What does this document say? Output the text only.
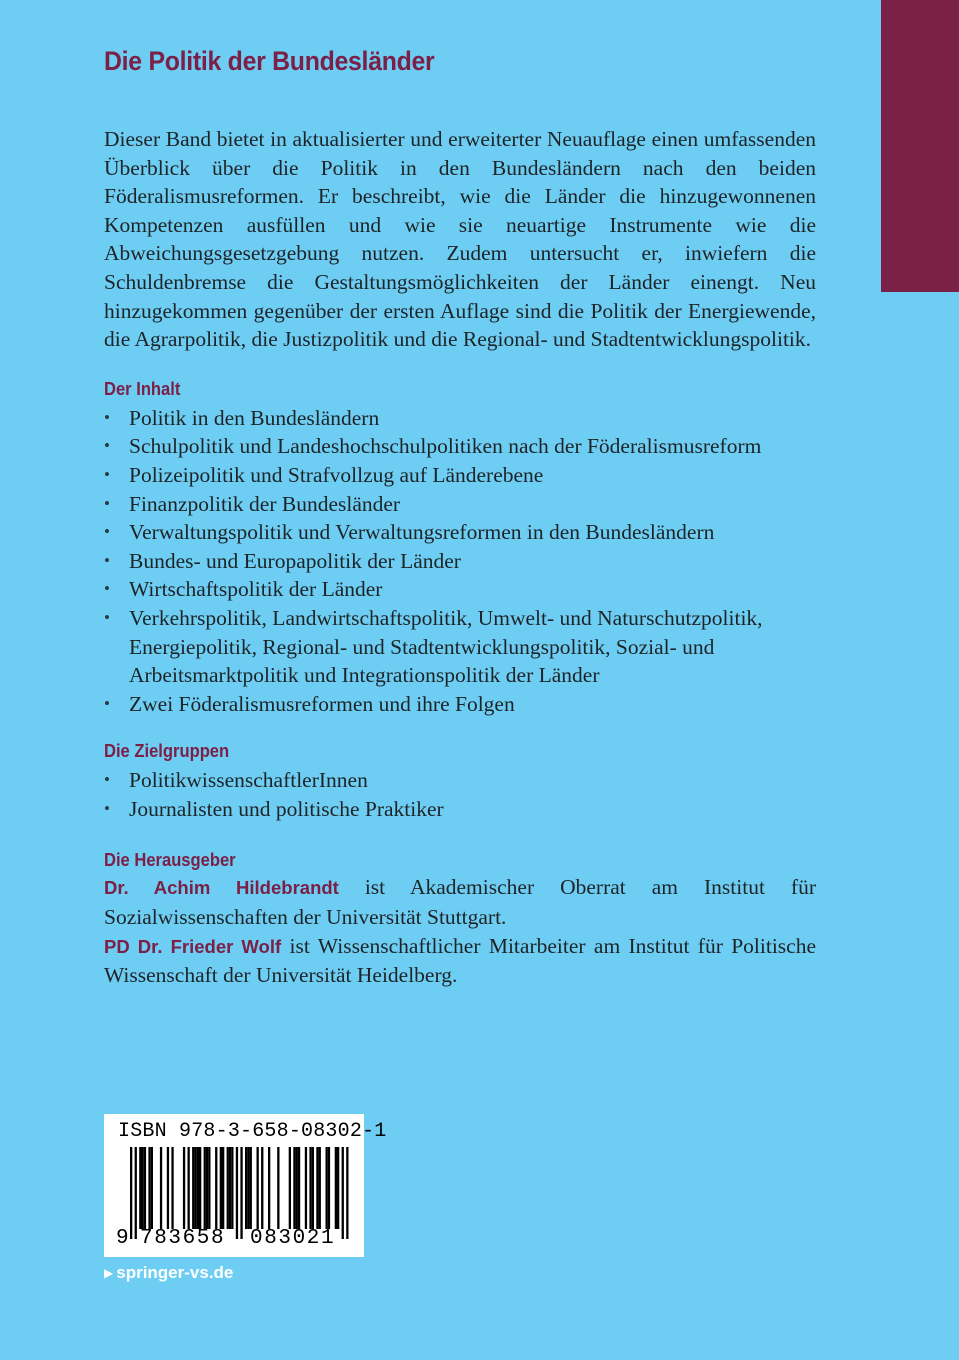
Die Politik der Bundesländer

Dieser Band bietet in aktualisierter und erweiterter Neuauflage einen umfassenden Überblick über die Politik in den Bundesländern nach den beiden Föderalismusreformen. Er beschreibt, wie die Länder die hinzugewonnenen Kompetenzen ausfüllen und wie sie neuartige Instrumente wie die Abweichungsgesetzgebung nutzen. Zudem untersucht er, inwiefern die Schuldenbremse die Gestaltungsmöglichkeiten der Länder einengt. Neu hinzugekommen gegenüber der ersten Auflage sind die Politik der Energiewende, die Agrarpolitik, die Justizpolitik und die Regional- und Stadtentwicklungspolitik.

Der Inhalt
• Politik in den Bundesländern
• Schulpolitik und Landeshochschulpolitiken nach der Föderalismusreform
• Polizeipolitik und Strafvollzug auf Länderebene
• Finanzpolitik der Bundesländer
• Verwaltungspolitik und Verwaltungsreformen in den Bundesländern
• Bundes- und Europapolitik der Länder
• Wirtschaftspolitik der Länder
• Verkehrspolitik, Landwirtschaftspolitik, Umwelt- und Naturschutzpolitik, Energiepolitik, Regional- und Stadtentwicklungspolitik, Sozial- und Arbeitsmarktpolitik und Integrationspolitik der Länder
• Zwei Föderalismusreformen und ihre Folgen
Die Zielgruppen
• PolitikwissenschaftlerInnen
• Journalisten und politische Praktiker
Die Herausgeber

Dr. Achim Hildebrandt ist Akademischer Oberrat am Institut für Sozialwissenschaften der Universität Stuttgart.

PD Dr. Frieder Wolf ist Wissenschaftlicher Mitarbeiter am Institut für Politische Wissenschaft der Universität Heidelberg.

ISBN 978-3-658-08302-1
9 783658 083021
▶ springer-vs.de
